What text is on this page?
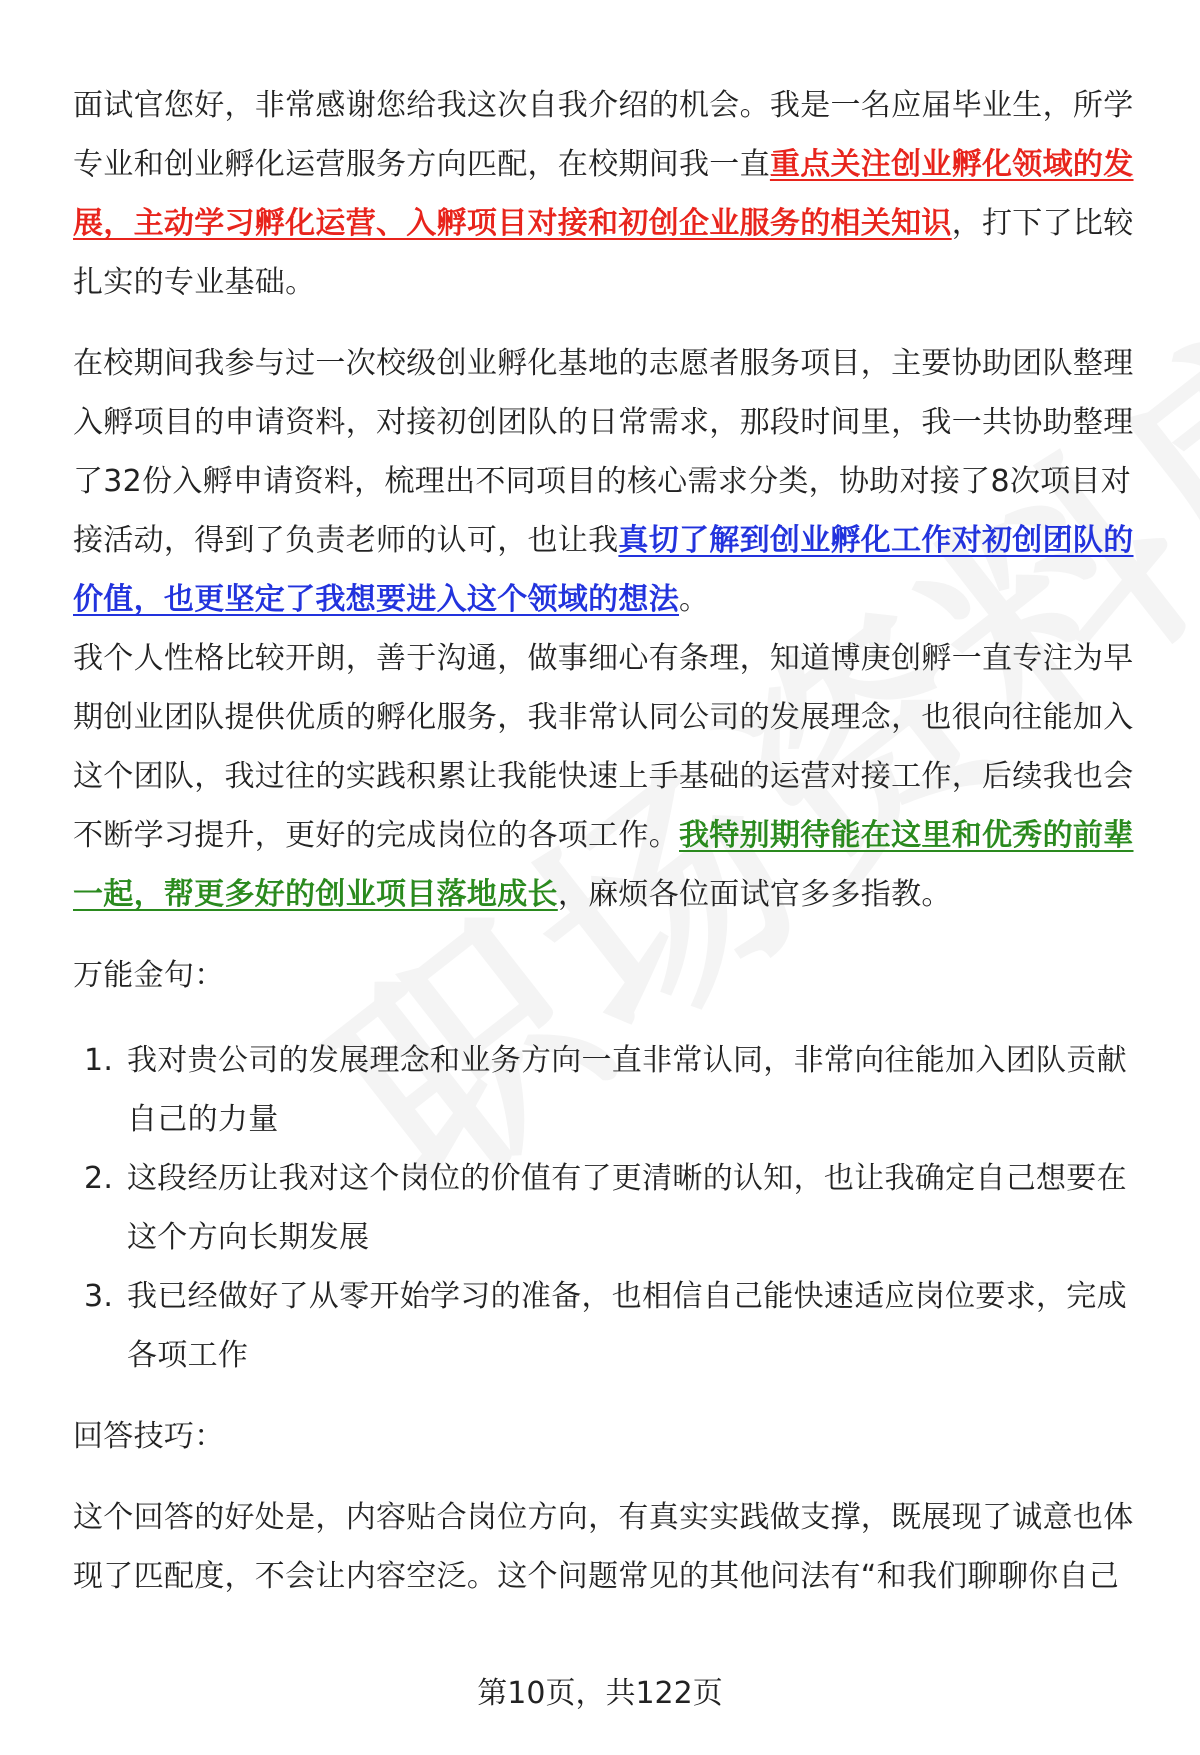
面试官您好，非常感谢您给我这次自我介绍的机会。我是一名应届毕业生，所学专业和创业孵化运营服务方向匹配，在校期间我一直重点关注创业孵化领域的发展，主动学习孵化运营、入孵项目对接和初创企业服务的相关知识，打下了比较扎实的专业基础。

在校期间我参与过一次校级创业孵化基地的志愿者服务项目，主要协助团队整理入孵项目的申请资料，对接初创团队的日常需求，那段时间里，我一共协助整理了32份入孵申请资料，梳理出不同项目的核心需求分类，协助对接了8次项目对接活动，得到了负责老师的认可，也让我真切了解到创业孵化工作对初创团队的价值，也更坚定了我想要进入这个领域的想法。

我个人性格比较开朗，善于沟通，做事细心有条理，知道博庚创孵一直专注为早期创业团队提供优质的孵化服务，我非常认同公司的发展理念，也很向往能加入这个团队，我过往的实践积累让我能快速上手基础的运营对接工作，后续我也会不断学习提升，更好的完成岗位的各项工作。我特别期待能在这里和优秀的前辈一起，帮更多好的创业项目落地成长，麻烦各位面试官多多指教。

万能金句：

1. 我对贵公司的发展理念和业务方向一直非常认同，非常向往能加入团队贡献自己的力量
2. 这段经历让我对这个岗位的价值有了更清晰的认知，也让我确定自己想要在这个方向长期发展
3. 我已经做好了从零开始学习的准备，也相信自己能快速适应岗位要求，完成各项工作

回答技巧：

这个回答的好处是，内容贴合岗位方向，有真实实践做支撑，既展现了诚意也体现了匹配度，不会让内容空泛。这个问题常见的其他问法有“和我们聊聊你自己

第10页，共122页
